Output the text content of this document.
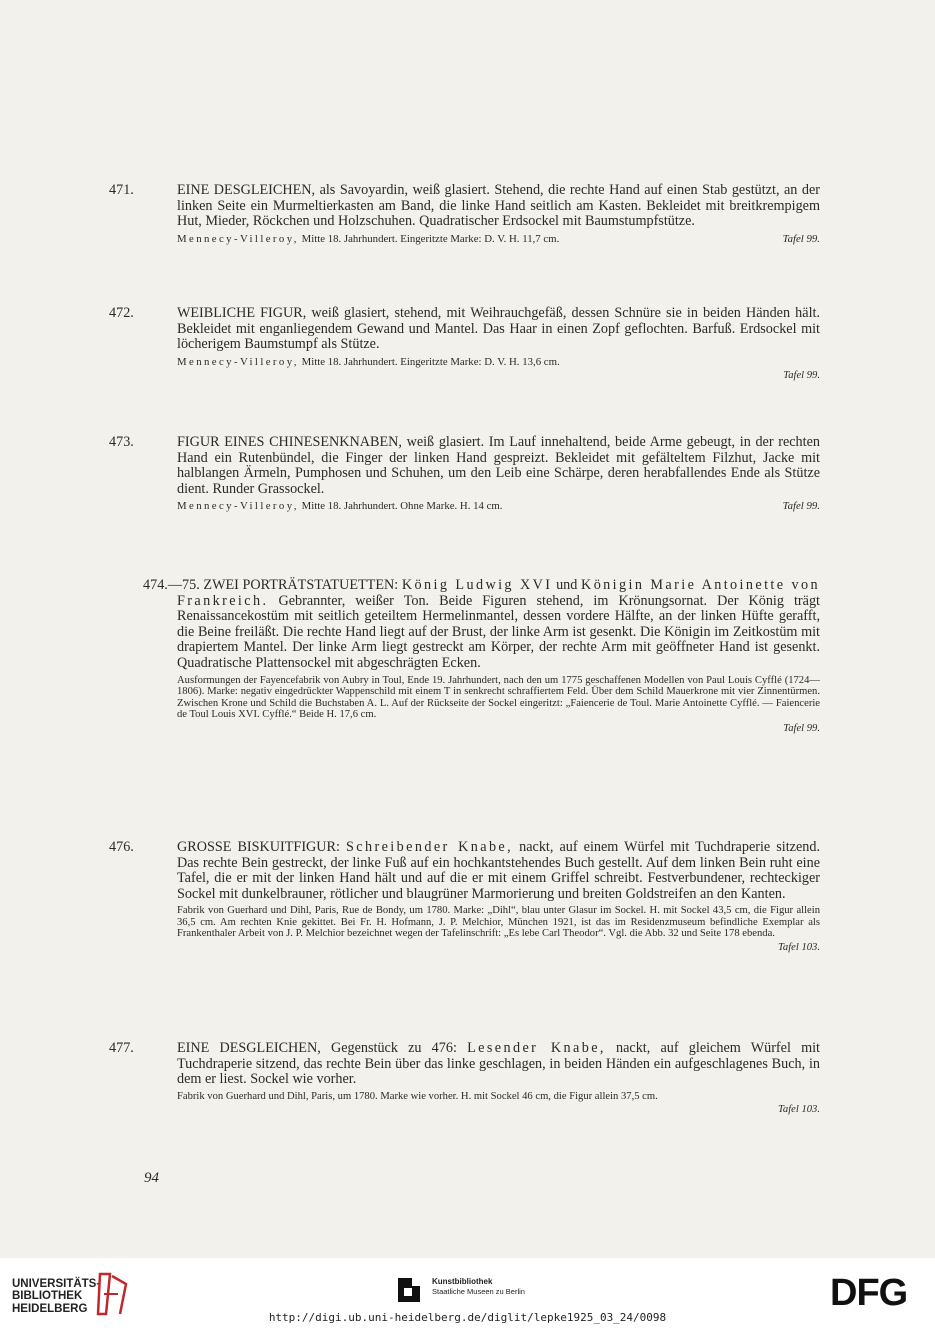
471.	EINE DESGLEICHEN, als Savoyardin, weiß glasiert. Stehend, die rechte Hand auf einen Stab gestützt, an der linken Seite ein Murmeltierkasten am Band, die linke Hand seitlich am Kasten. Bekleidet mit breitkrempigem Hut, Mieder, Röckchen und Holzschuhen. Quadratischer Erdsockel mit Baumstumpfstütze.

Mennecy-Villeroy, Mitte 18. Jahrhundert. Eingeritzte Marke: D. V. H. 11,7 cm.	Tafel 99.

472.	WEIBLICHE FIGUR, weiß glasiert, stehend, mit Weihrauchgefäß, dessen Schnüre sie in beiden Händen hält. Bekleidet mit enganliegendem Gewand und Mantel. Das Haar in einen Zopf geflochten. Barfuß. Erdsockel mit löcherigem Baumstumpf als Stütze.

Mennecy-Villeroy, Mitte 18. Jahrhundert. Eingeritzte Marke: D. V. H. 13,6 cm.

Tafel 99.

473.	FIGUR EINES CHINESENKNABEN, weiß glasiert. Im Lauf innehaltend, beide Arme gebeugt, in der rechten Hand ein Rutenbündel, die Finger der linken Hand gespreizt. Bekleidet mit gefälteltem Filzhut, Jacke mit halblangen Ärmeln, Pumphosen und Schuhen, um den Leib eine Schärpe, deren herabfallendes Ende als Stütze dient. Runder Grassockel.

Mennecy-Villeroy, Mitte 18. Jahrhundert. Ohne Marke. H. 14 cm.	Tafel 99.

474.—75. ZWEI PORTRÄTSTATUETTEN: König Ludwig XVI und Königin Marie Antoinette von Frankreich. Gebrannter, weißer Ton. Beide Figuren stehend, im Krönungsornat. Der König trägt Renaissancekostüm mit seitlich geteiltem Hermelinmantel, dessen vordere Hälfte, an der linken Hüfte gerafft, die Beine freiläßt. Die rechte Hand liegt auf der Brust, der linke Arm ist gesenkt. Die Königin im Zeitkostüm mit drapiertem Mantel. Der linke Arm liegt gestreckt am Körper, der rechte Arm mit geöffneter Hand ist gesenkt. Quadratische Plattensockel mit abgeschrägten Ecken.

Ausformungen der Fayencefabrik von Aubry in Toul, Ende 19. Jahrhundert, nach den um 1775 geschaffenen Modellen von Paul Louis Cyfflé (1724—1806). Marke: negativ eingedrückter Wappenschild mit einem T in senkrecht schraffiertem Feld. Über dem Schild Mauerkrone mit vier Zinnentürmen. Zwischen Krone und Schild die Buchstaben A. L. Auf der Rückseite der Sockel eingeritzt: „Faiencerie de Toul. Marie Antoinette Cyfflé. — Faiencerie de Toul Louis XVI. Cyfflé.“ Beide H. 17,6 cm.

Tafel 99.

476.	GROSSE BISKUITFIGUR: Schreibender Knabe, nackt, auf einem Würfel mit Tuchdraperie sitzend. Das rechte Bein gestreckt, der linke Fuß auf ein hochkantstehendes Buch gestellt. Auf dem linken Bein ruht eine Tafel, die er mit der linken Hand hält und auf die er mit einem Griffel schreibt. Festverbundener, rechteckiger Sockel mit dunkelbrauner, rötlicher und blaugrüner Marmorierung und breiten Goldstreifen an den Kanten.

Fabrik von Guerhard und Dihl, Paris, Rue de Bondy, um 1780. Marke: „Dihl“, blau unter Glasur im Sockel. H. mit Sockel 43,5 cm, die Figur allein 36,5 cm. Am rechten Knie gekittet. Bei Fr. H. Hofmann, J. P. Melchior, München 1921, ist das im Residenzmuseum befindliche Exemplar als Frankenthaler Arbeit von J. P. Melchior bezeichnet wegen der Tafelinschrift: „Es lebe Carl Theodor“. Vgl. die Abb. 32 und Seite 178 ebenda.

Tafel 103.

477.	EINE DESGLEICHEN, Gegenstück zu 476: Lesender Knabe, nackt, auf gleichem Würfel mit Tuchdraperie sitzend, das rechte Bein über das linke geschlagen, in beiden Händen ein aufgeschlagenes Buch, in dem er liest. Sockel wie vorher.

Fabrik von Guerhard und Dihl, Paris, um 1780. Marke wie vorher. H. mit Sockel 46 cm, die Figur allein 37,5 cm.

Tafel 103.

94
UNIVERSITÄTS-
BIBLIOTHEK
HEIDELBERG
Kunstbibliothek
Staatliche Museen zu Berlin	DFG
http://digi.ub.uni-heidelberg.de/diglit/lepke1925_03_24/0098
